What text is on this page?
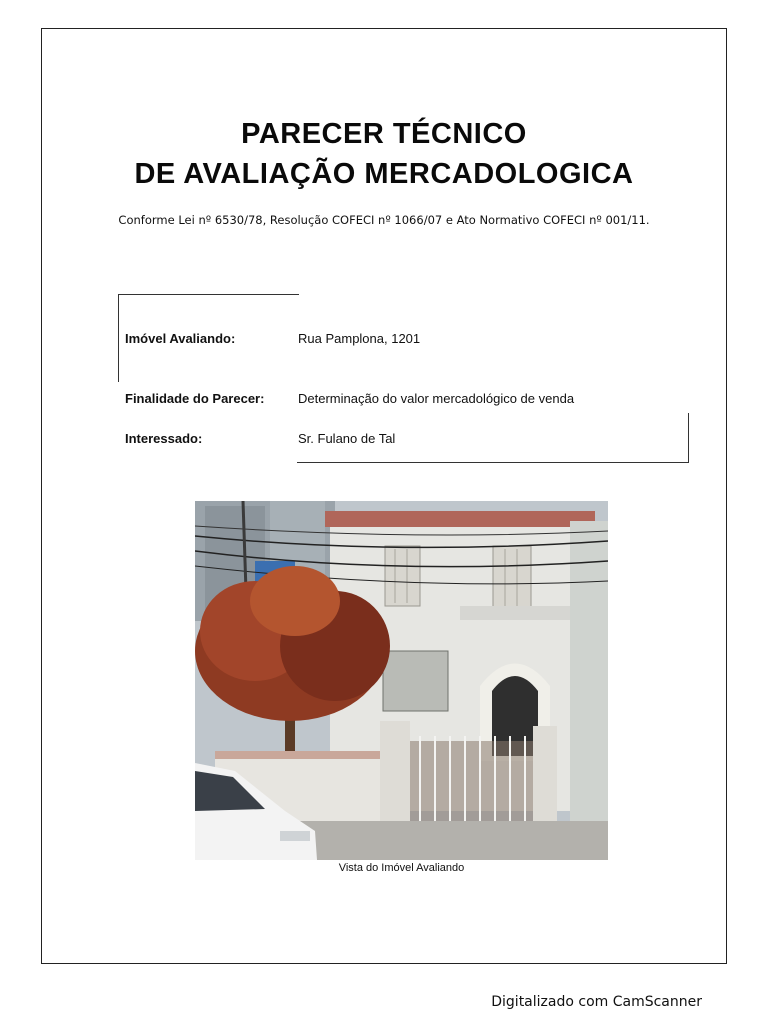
PARECER TÉCNICO
DE AVALIAÇÃO MERCADOLOGICA
Conforme Lei nº 6530/78, Resolução COFECI nº 1066/07 e Ato Normativo COFECI nº 001/11.
Imóvel Avaliando:	Rua Pamplona, 1201
Finalidade do Parecer:	Determinação do valor mercadológico de venda
Interessado:	Sr. Fulano de Tal
Vista do Imóvel Avaliando
Digitalizado com CamScanner
